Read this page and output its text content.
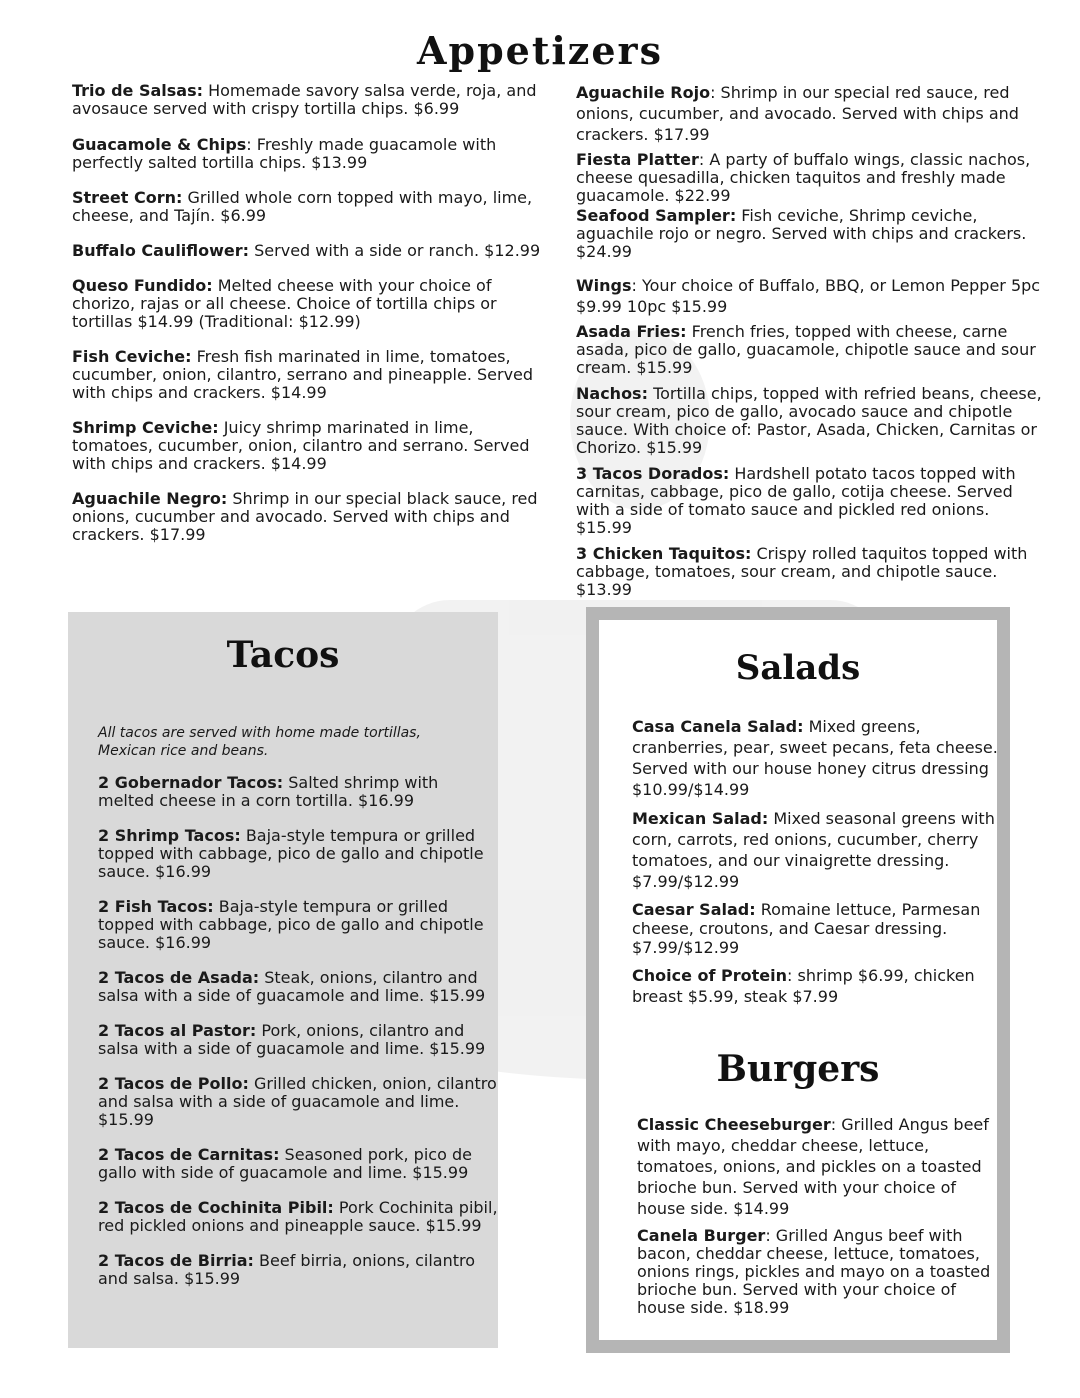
Appetizers

Trio de Salsas: Homemade savory salsa verde, roja, and avosauce served with crispy tortilla chips. $6.99

Guacamole & Chips: Freshly made guacamole with perfectly salted tortilla chips. $13.99

Street Corn: Grilled whole corn topped with mayo, lime, cheese, and Tajín. $6.99

Buffalo Cauliflower: Served with a side or ranch. $12.99

Queso Fundido: Melted cheese with your choice of chorizo, rajas or all cheese. Choice of tortilla chips or tortillas $14.99 (Traditional: $12.99)

Fish Ceviche: Fresh fish marinated in lime, tomatoes, cucumber, onion, cilantro, serrano and pineapple. Served with chips and crackers. $14.99

Shrimp Ceviche: Juicy shrimp marinated in lime, tomatoes, cucumber, onion, cilantro and serrano. Served with chips and crackers. $14.99

Aguachile Negro: Shrimp in our special black sauce, red onions, cucumber and avocado. Served with chips and crackers. $17.99

Aguachile Rojo: Shrimp in our special red sauce, red onions, cucumber, and avocado. Served with chips and crackers. $17.99

Fiesta Platter: A party of buffalo wings, classic nachos, cheese quesadilla, chicken taquitos and freshly made guacamole. $22.99

Seafood Sampler: Fish ceviche, Shrimp ceviche, aguachile rojo or negro. Served with chips and crackers. $24.99

Wings: Your choice of Buffalo, BBQ, or Lemon Pepper 5pc $9.99 10pc $15.99

Asada Fries: French fries, topped with cheese, carne asada, pico de gallo, guacamole, chipotle sauce and sour cream. $15.99

Nachos: Tortilla chips, topped with refried beans, cheese, sour cream, pico de gallo, avocado sauce and chipotle sauce. With choice of: Pastor, Asada, Chicken, Carnitas or Chorizo. $15.99

3 Tacos Dorados: Hardshell potato tacos topped with carnitas, cabbage, pico de gallo, cotija cheese. Served with a side of tomato sauce and pickled red onions. $15.99

3 Chicken Taquitos: Crispy rolled taquitos topped with cabbage, tomatoes, sour cream, and chipotle sauce. $13.99

Tacos

All tacos are served with home made tortillas, Mexican rice and beans.

2 Gobernador Tacos: Salted shrimp with melted cheese in a corn tortilla. $16.99

2 Shrimp Tacos: Baja-style tempura or grilled topped with cabbage, pico de gallo and chipotle sauce. $16.99

2 Fish Tacos: Baja-style tempura or grilled topped with cabbage, pico de gallo and chipotle sauce. $16.99

2 Tacos de Asada: Steak, onions, cilantro and salsa with a side of guacamole and lime. $15.99

2 Tacos al Pastor: Pork, onions, cilantro and salsa with a side of guacamole and lime. $15.99

2 Tacos de Pollo: Grilled chicken, onion, cilantro and salsa with a side of guacamole and lime. $15.99

2 Tacos de Carnitas: Seasoned pork, pico de gallo with side of guacamole and lime. $15.99

2 Tacos de Cochinita Pibil: Pork Cochinita pibil, red pickled onions and pineapple sauce. $15.99

2 Tacos de Birria: Beef birria, onions, cilantro and salsa. $15.99

Salads

Casa Canela Salad: Mixed greens, cranberries, pear, sweet pecans, feta cheese. Served with our house honey citrus dressing $10.99/$14.99

Mexican Salad: Mixed seasonal greens with corn, carrots, red onions, cucumber, cherry tomatoes, and our vinaigrette dressing. $7.99/$12.99

Caesar Salad: Romaine lettuce, Parmesan cheese, croutons, and Caesar dressing. $7.99/$12.99

Choice of Protein: shrimp $6.99, chicken breast $5.99, steak $7.99

Burgers

Classic Cheeseburger: Grilled Angus beef with mayo, cheddar cheese, lettuce, tomatoes, onions, and pickles on a toasted brioche bun. Served with your choice of house side. $14.99

Canela Burger: Grilled Angus beef with bacon, cheddar cheese, lettuce, tomatoes, onions rings, pickles and mayo on a toasted brioche bun. Served with your choice of house side. $18.99
